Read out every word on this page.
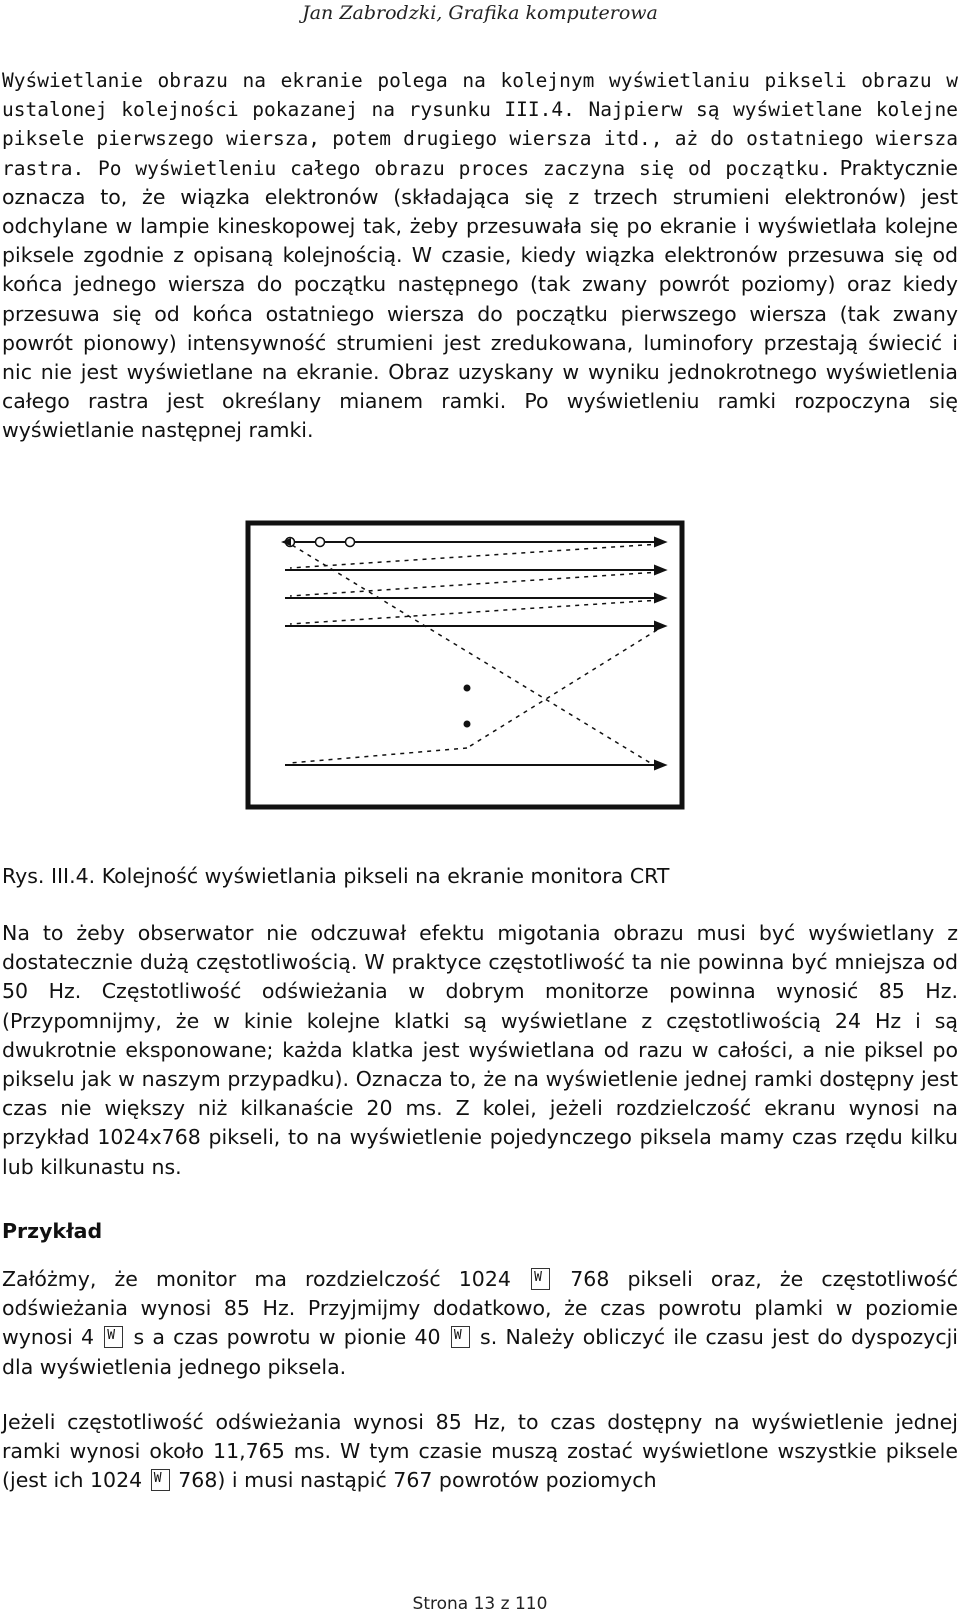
Jan Zabrodzki, Grafika komputerowa

Wyświetlanie obrazu na ekranie polega na kolejnym wyświetlaniu pikseli obrazu w ustalonej kolejności pokazanej na rysunku III.4. Najpierw są wyświetlane kolejne piksele pierwszego wiersza, potem drugiego wiersza itd., aż do ostatniego wiersza rastra. Po wyświetleniu całego obrazu proces zaczyna się od początku. Praktycznie oznacza to, że wiązka elektronów (składająca się z trzech strumieni elektronów) jest odchylane w lampie kineskopowej tak, żeby przesuwała się po ekranie i wyświetlała kolejne piksele zgodnie z opisaną kolejnością. W czasie, kiedy wiązka elektronów przesuwa się od końca jednego wiersza do początku następnego (tak zwany powrót poziomy) oraz kiedy przesuwa się od końca ostatniego wiersza do początku pierwszego wiersza (tak zwany powrót pionowy) intensywność strumieni jest zredukowana, luminofory przestają świecić i nic nie jest wyświetlane na ekranie. Obraz uzyskany w wyniku jednokrotnego wyświetlenia całego rastra jest określany mianem ramki. Po wyświetleniu ramki rozpoczyna się wyświetlanie następnej ramki.

Rys. III.4. Kolejność wyświetlania pikseli na ekranie monitora CRT

Na to żeby obserwator nie odczuwał efektu migotania obrazu musi być wyświetlany z dostatecznie dużą częstotliwością. W praktyce częstotliwość ta nie powinna być mniejsza od 50 Hz. Częstotliwość odświeżania w dobrym monitorze powinna wynosić 85 Hz. (Przypomnijmy, że w kinie kolejne klatki są wyświetlane z częstotliwością 24 Hz i są dwukrotnie eksponowane; każda klatka jest wyświetlana od razu w całości, a nie piksel po pikselu jak w naszym przypadku). Oznacza to, że na wyświetlenie jednej ramki dostępny jest czas nie większy niż kilkanaście 20 ms. Z kolei, jeżeli rozdzielczość ekranu wynosi na przykład 1024x768 pikseli, to na wyświetlenie pojedynczego piksela mamy czas rzędu kilku lub kilkunastu ns.

Przykład

Załóżmy, że monitor ma rozdzielczość 1024 W	768 pikseli oraz, że częstotliwość odświeżania wynosi 85 Hz. Przyjmijmy dodatkowo, że czas powrotu plamki w poziomie wynosi 4 W s a czas powrotu w pionie 40 W s. Należy obliczyć ile czasu jest do dyspozycji dla wyświetlenia jednego piksela.

Jeżeli częstotliwość odświeżania wynosi 85 Hz, to czas dostępny na wyświetlenie jednej ramki wynosi około 11,765 ms. W tym czasie muszą zostać wyświetlone wszystkie piksele (jest ich 1024 W 768) i musi nastąpić 767 powrotów poziomych

Strona 13 z 110
